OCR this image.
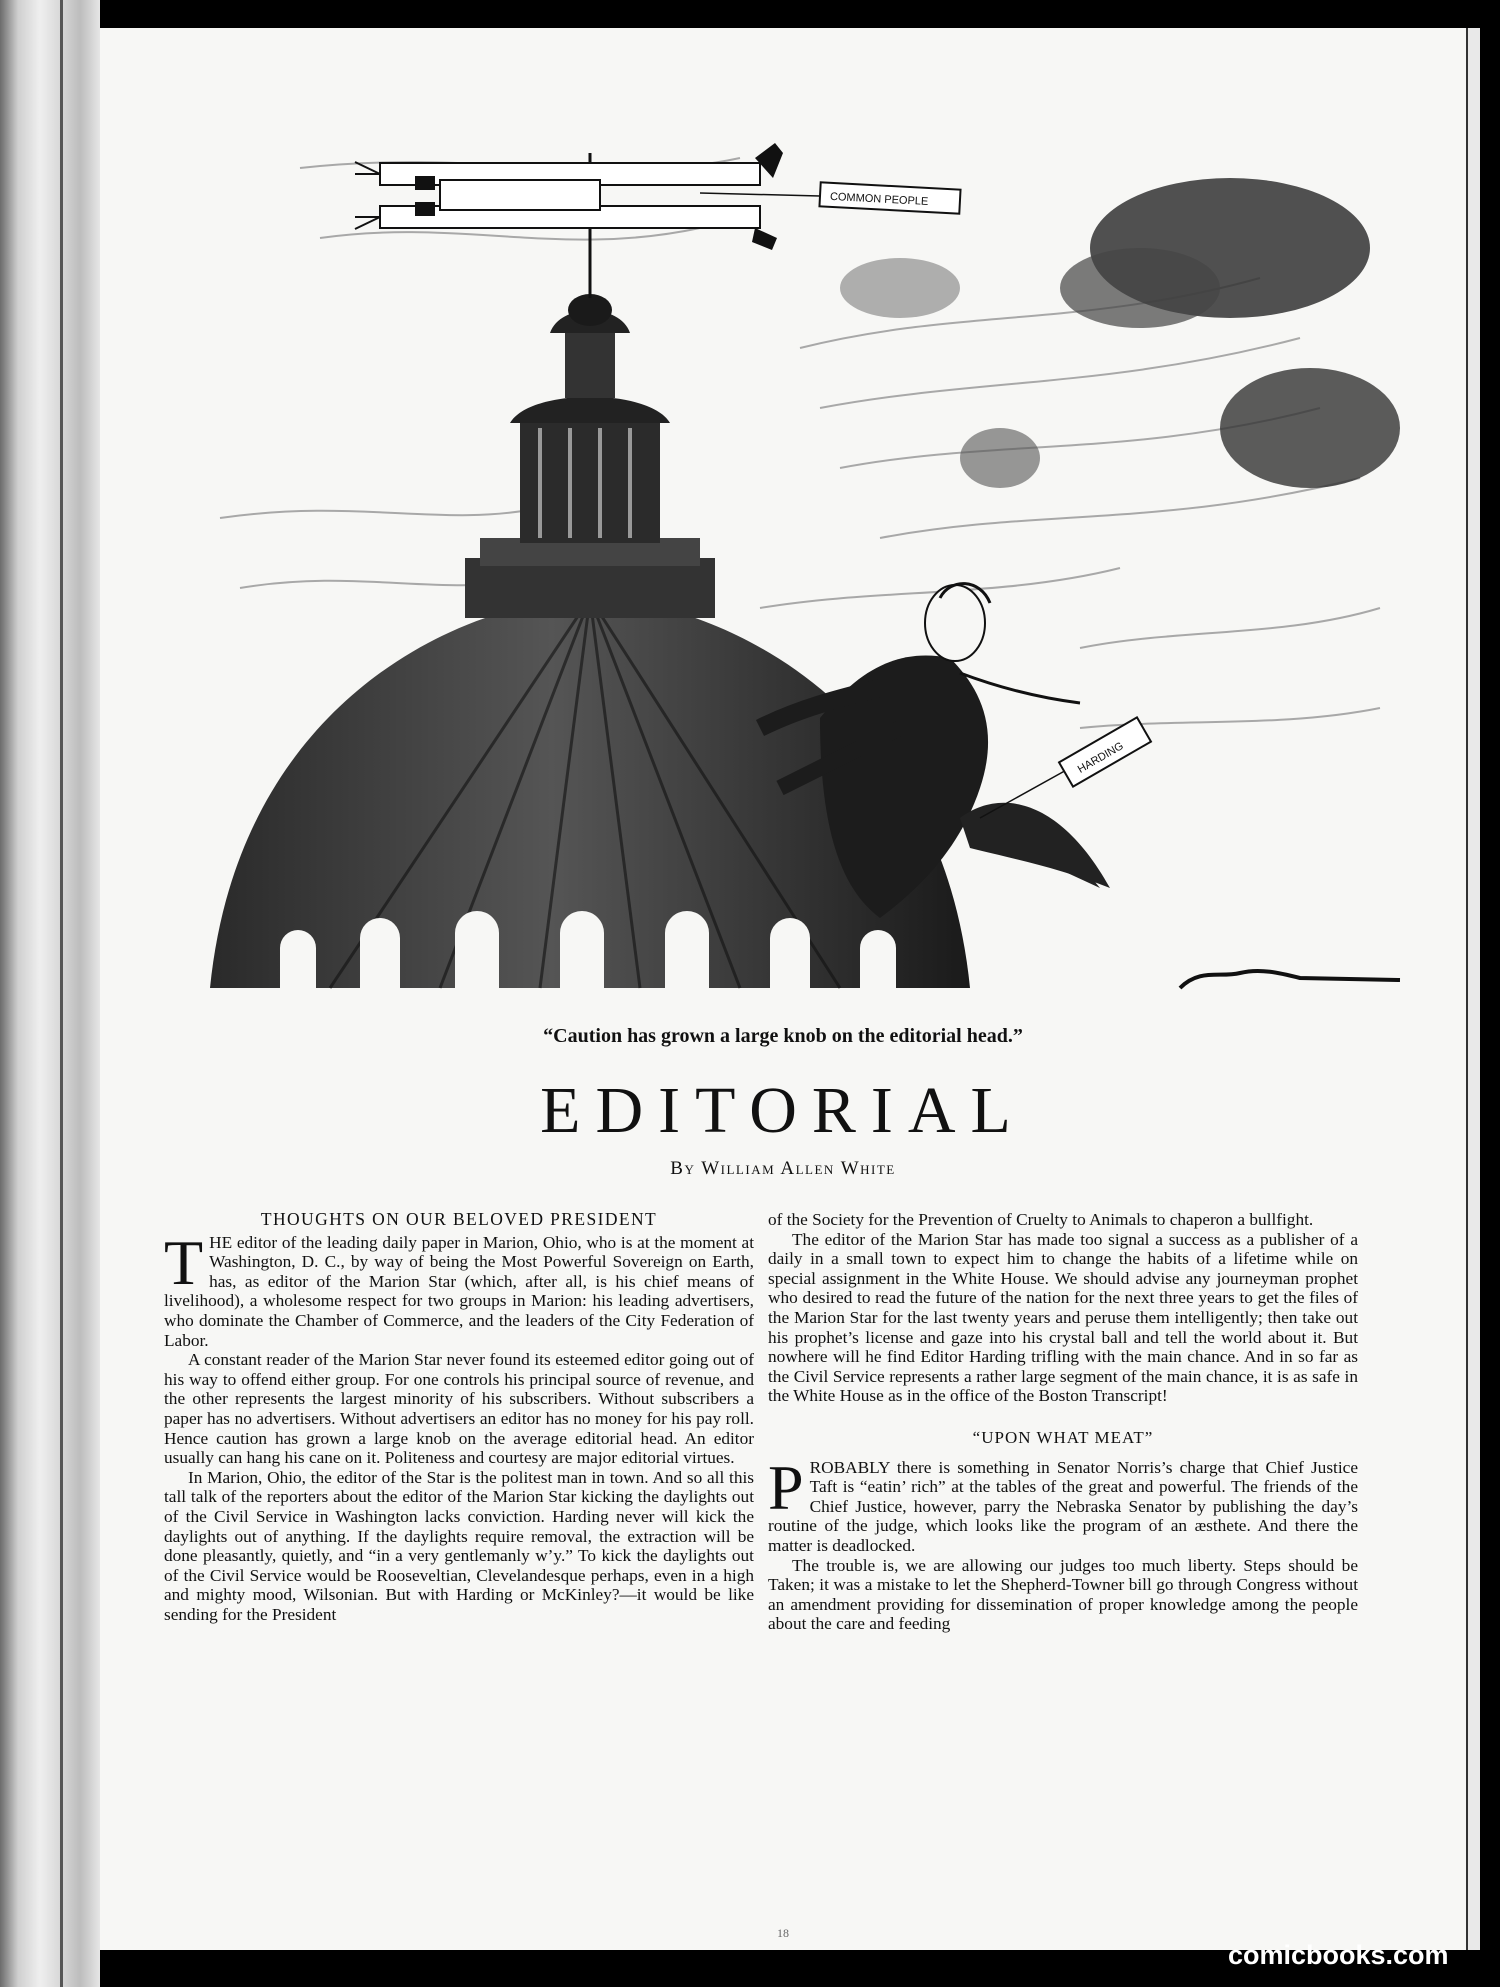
COMMON PEOPLE
HARDING
“Caution has grown a large knob on the editorial head.”
EDITORIAL
By William Allen White

THOUGHTS ON OUR BELOVED PRESIDENT

THE editor of the leading daily paper in Marion, Ohio, who is at the moment at Washington, D. C., by way of being the Most Powerful Sovereign on Earth, has, as editor of the Marion Star (which, after all, is his chief means of livelihood), a wholesome respect for two groups in Marion: his leading advertisers, who dominate the Chamber of Commerce, and the leaders of the City Federation of Labor.

A constant reader of the Marion Star never found its esteemed editor going out of his way to offend either group. For one controls his principal source of revenue, and the other represents the largest minority of his subscribers. Without subscribers a paper has no advertisers. Without advertisers an editor has no money for his pay roll. Hence caution has grown a large knob on the average editorial head. An editor usually can hang his cane on it. Politeness and courtesy are major editorial virtues.

In Marion, Ohio, the editor of the Star is the politest man in town. And so all this tall talk of the reporters about the editor of the Marion Star kicking the daylights out of the Civil Service in Washington lacks conviction. Harding never will kick the daylights out of anything. If the daylights require removal, the extraction will be done pleasantly, quietly, and “in a very gentlemanly w’y.” To kick the daylights out of the Civil Service would be Rooseveltian, Clevelandesque perhaps, even in a high and mighty mood, Wilsonian. But with Harding or McKinley?—it would be like sending for the President

of the Society for the Prevention of Cruelty to Animals to chaperon a bullfight.

The editor of the Marion Star has made too signal a success as a publisher of a daily in a small town to expect him to change the habits of a lifetime while on special assignment in the White House. We should advise any journeyman prophet who desired to read the future of the nation for the next three years to get the files of the Marion Star for the last twenty years and peruse them intelligently; then take out his prophet’s license and gaze into his crystal ball and tell the world about it. But nowhere will he find Editor Harding trifling with the main chance. And in so far as the Civil Service represents a rather large segment of the main chance, it is as safe in the White House as in the office of the Boston Transcript!

“UPON WHAT MEAT”

PROBABLY there is something in Senator Norris’s charge that Chief Justice Taft is “eatin’ rich” at the tables of the great and powerful. The friends of the Chief Justice, however, parry the Nebraska Senator by publishing the day’s routine of the judge, which looks like the program of an æsthete. And there the matter is deadlocked.

The trouble is, we are allowing our judges too much liberty. Steps should be Taken; it was a mistake to let the Shepherd-Towner bill go through Congress without an amendment providing for dissemination of proper knowledge among the people about the care and feeding

18
comicbooks.com
